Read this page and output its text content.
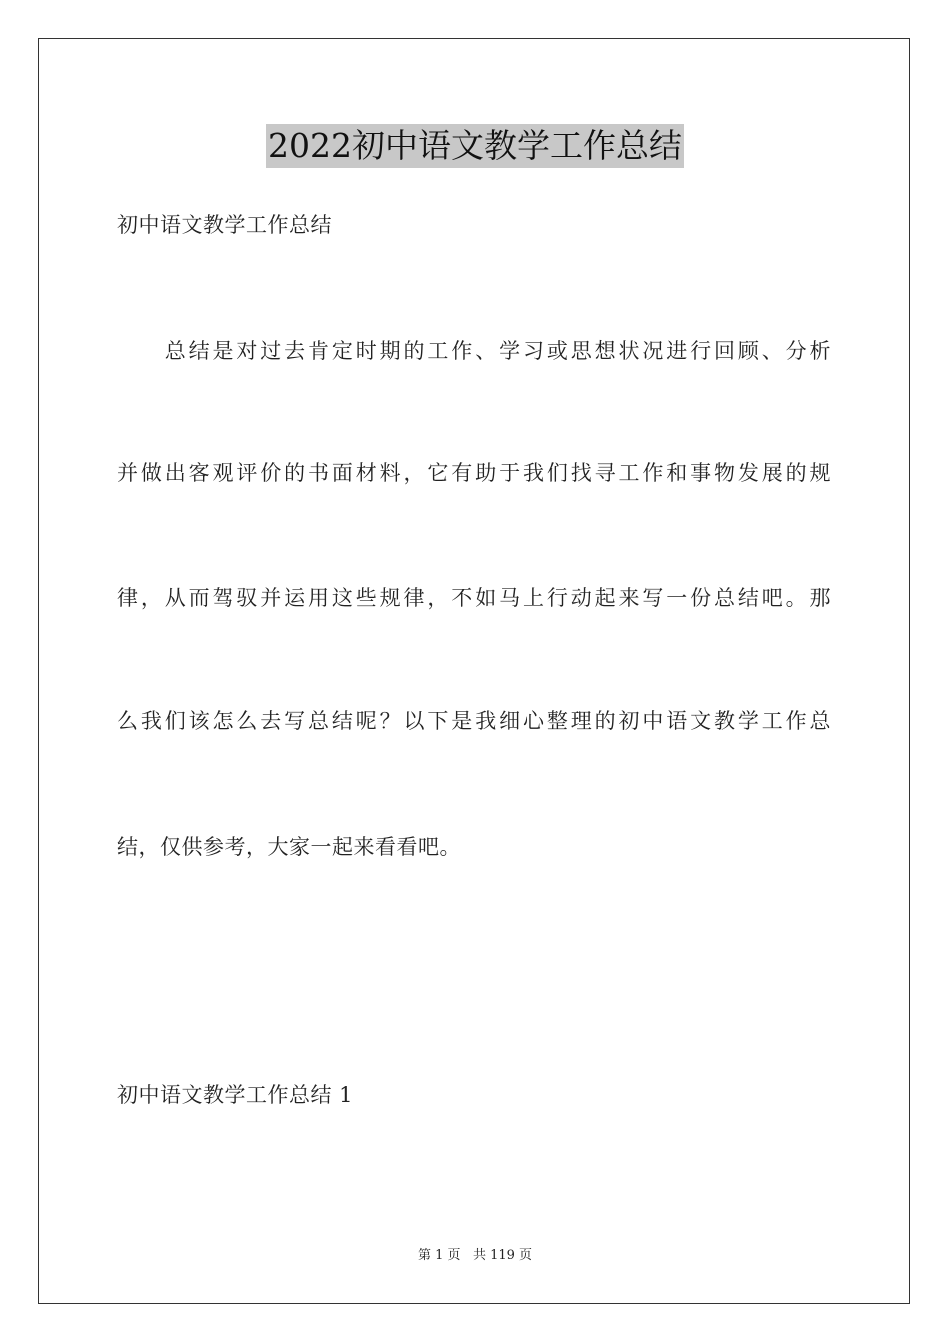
2022初中语文教学工作总结
初中语文教学工作总结
　　总结是对过去肯定时期的工作、学习或思想状况进行回顾、分析
并做出客观评价的书面材料，它有助于我们找寻工作和事物发展的规
律，从而驾驭并运用这些规律，不如马上行动起来写一份总结吧。那
么我们该怎么去写总结呢？以下是我细心整理的初中语文教学工作总
结，仅供参考，大家一起来看看吧。
初中语文教学工作总结 1
第 1 页 共 119 页
